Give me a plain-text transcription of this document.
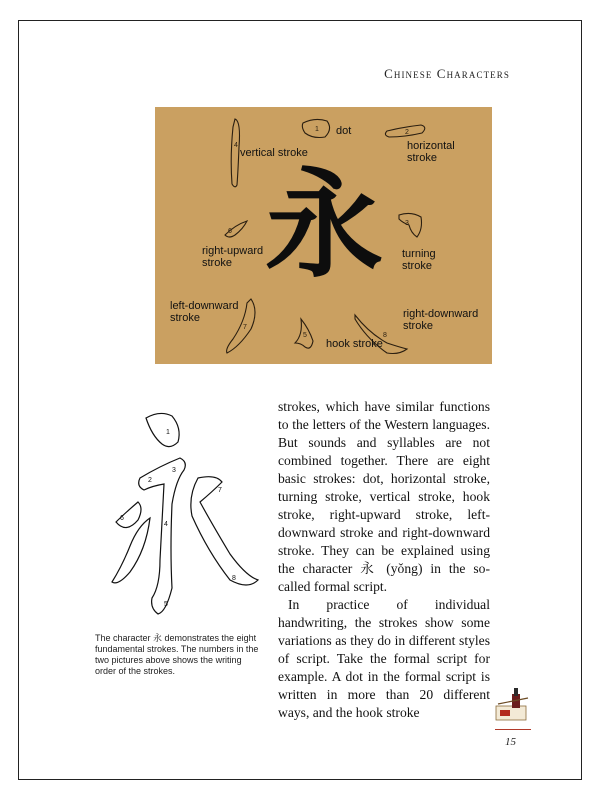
Chinese Characters
1	2
3
4
5
6
7
8
永
vertical stroke
dot
horizontal
stroke
turning
stroke
right-upward
stroke
left-downward
stroke	right-downward
stroke
hook stroke
1
2
3
4
5
6
7
8
The character 永 demonstrates the eight fundamental strokes. The numbers in the two pictures above shows the writing order of the strokes.

strokes, which have similar functions to the letters of the Western languages. But sounds and syllables are not combined together. There are eight basic strokes: dot, horizontal stroke, turning stroke, vertical stroke, hook stroke, right-upward stroke, left-downward stroke and right-downward stroke. They can be explained using the character 永 (yǒng) in the so-called formal script.

In practice of individual handwriting, the strokes show some variations as they do in different styles of script. Take the formal script for example. A dot in the formal script is written in more than 20 different ways, and the hook stroke

15
